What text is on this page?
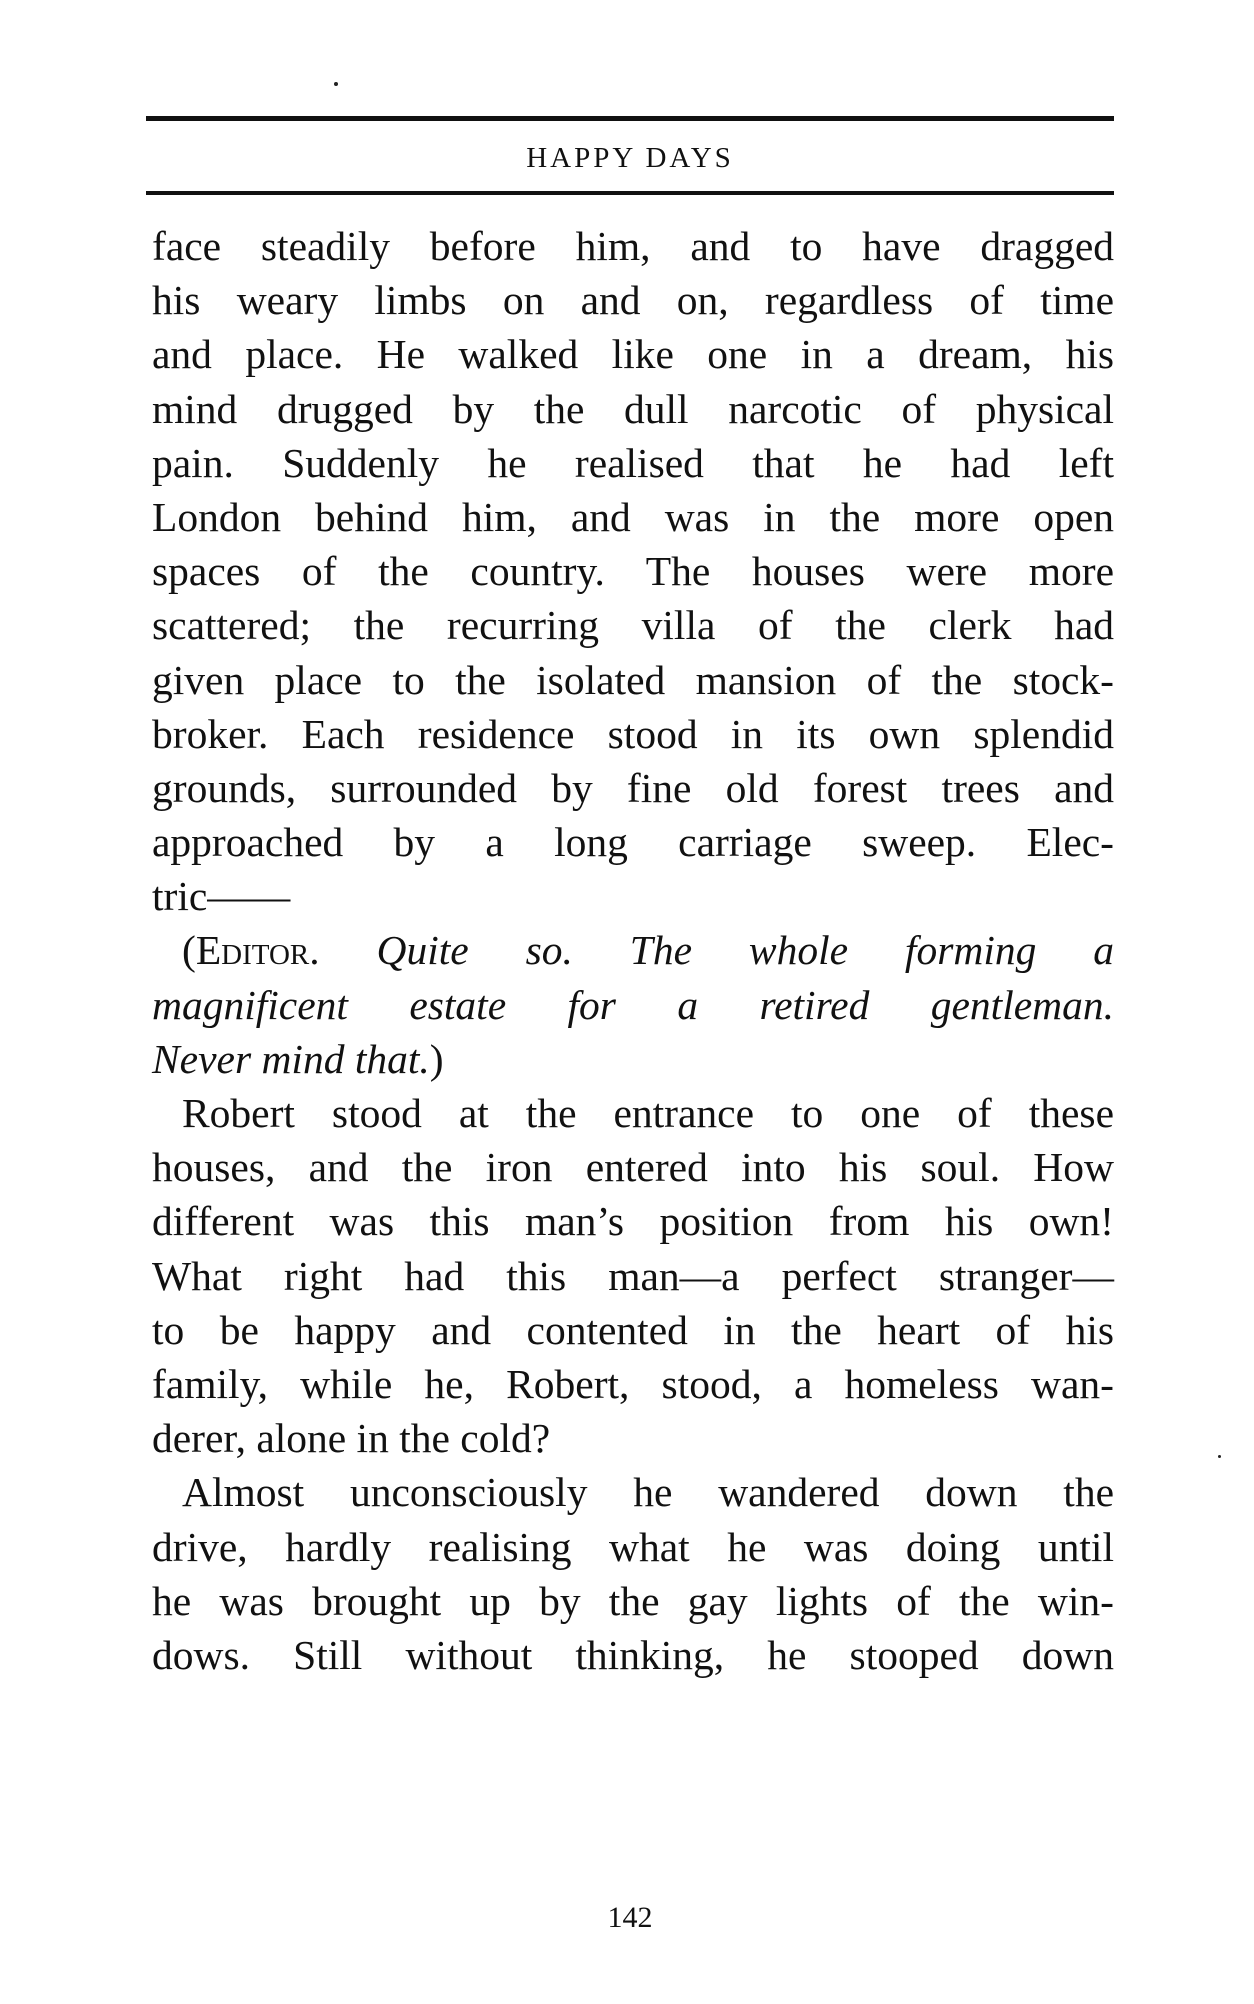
HAPPY DAYS

face steadily before him, and to have dragged
his weary limbs on and on, regardless of time
and place. He walked like one in a dream, his
mind drugged by the dull narcotic of physical
pain. Suddenly he realised that he had left
London behind him, and was in the more open
spaces of the country. The houses were more
scattered; the recurring villa of the clerk had
given place to the isolated mansion of the stock-
broker. Each residence stood in its own splendid
grounds, surrounded by fine old forest trees and
approached by a long carriage sweep. Elec-
tric——

(Editor. Quite so. The whole forming a
magnificent estate for a retired gentleman.
Never mind that.)

Robert stood at the entrance to one of these
houses, and the iron entered into his soul. How
different was this man’s position from his own!
What right had this man—a perfect stranger—
to be happy and contented in the heart of his
family, while he, Robert, stood, a homeless wan-
derer, alone in the cold?

Almost unconsciously he wandered down the
drive, hardly realising what he was doing until
he was brought up by the gay lights of the win-
dows. Still without thinking, he stooped down

142
